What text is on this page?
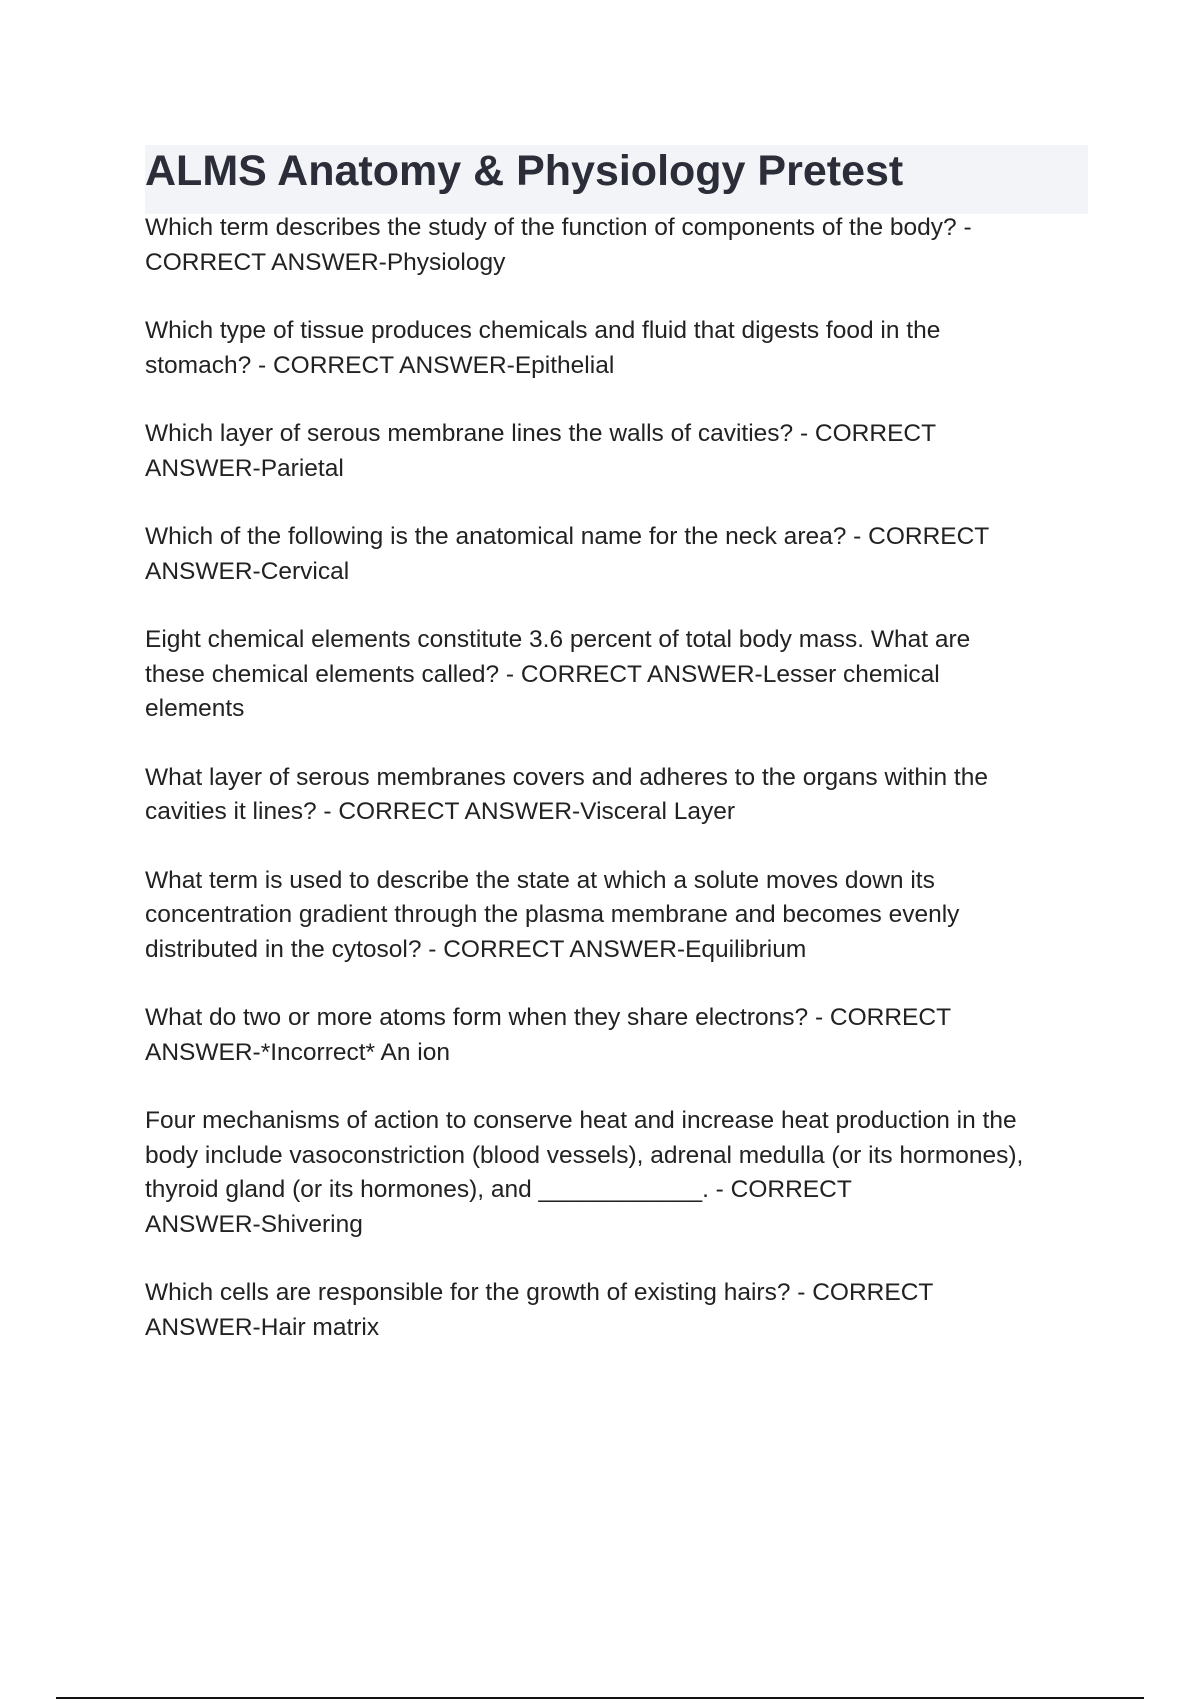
ALMS Anatomy & Physiology Pretest

Which term describes the study of the function of components of the body? -
CORRECT ANSWER-Physiology

Which type of tissue produces chemicals and fluid that digests food in the
stomach? - CORRECT ANSWER-Epithelial

Which layer of serous membrane lines the walls of cavities? - CORRECT
ANSWER-Parietal

Which of the following is the anatomical name for the neck area? - CORRECT
ANSWER-Cervical

Eight chemical elements constitute 3.6 percent of total body mass. What are
these chemical elements called? - CORRECT ANSWER-Lesser chemical
elements

What layer of serous membranes covers and adheres to the organs within the
cavities it lines? - CORRECT ANSWER-Visceral Layer

What term is used to describe the state at which a solute moves down its
concentration gradient through the plasma membrane and becomes evenly
distributed in the cytosol? - CORRECT ANSWER-Equilibrium

What do two or more atoms form when they share electrons? - CORRECT
ANSWER-*Incorrect* An ion

Four mechanisms of action to conserve heat and increase heat production in the
body include vasoconstriction (blood vessels), adrenal medulla (or its hormones),
thyroid gland (or its hormones), and ____________. - CORRECT
ANSWER-Shivering

Which cells are responsible for the growth of existing hairs? - CORRECT
ANSWER-Hair matrix
